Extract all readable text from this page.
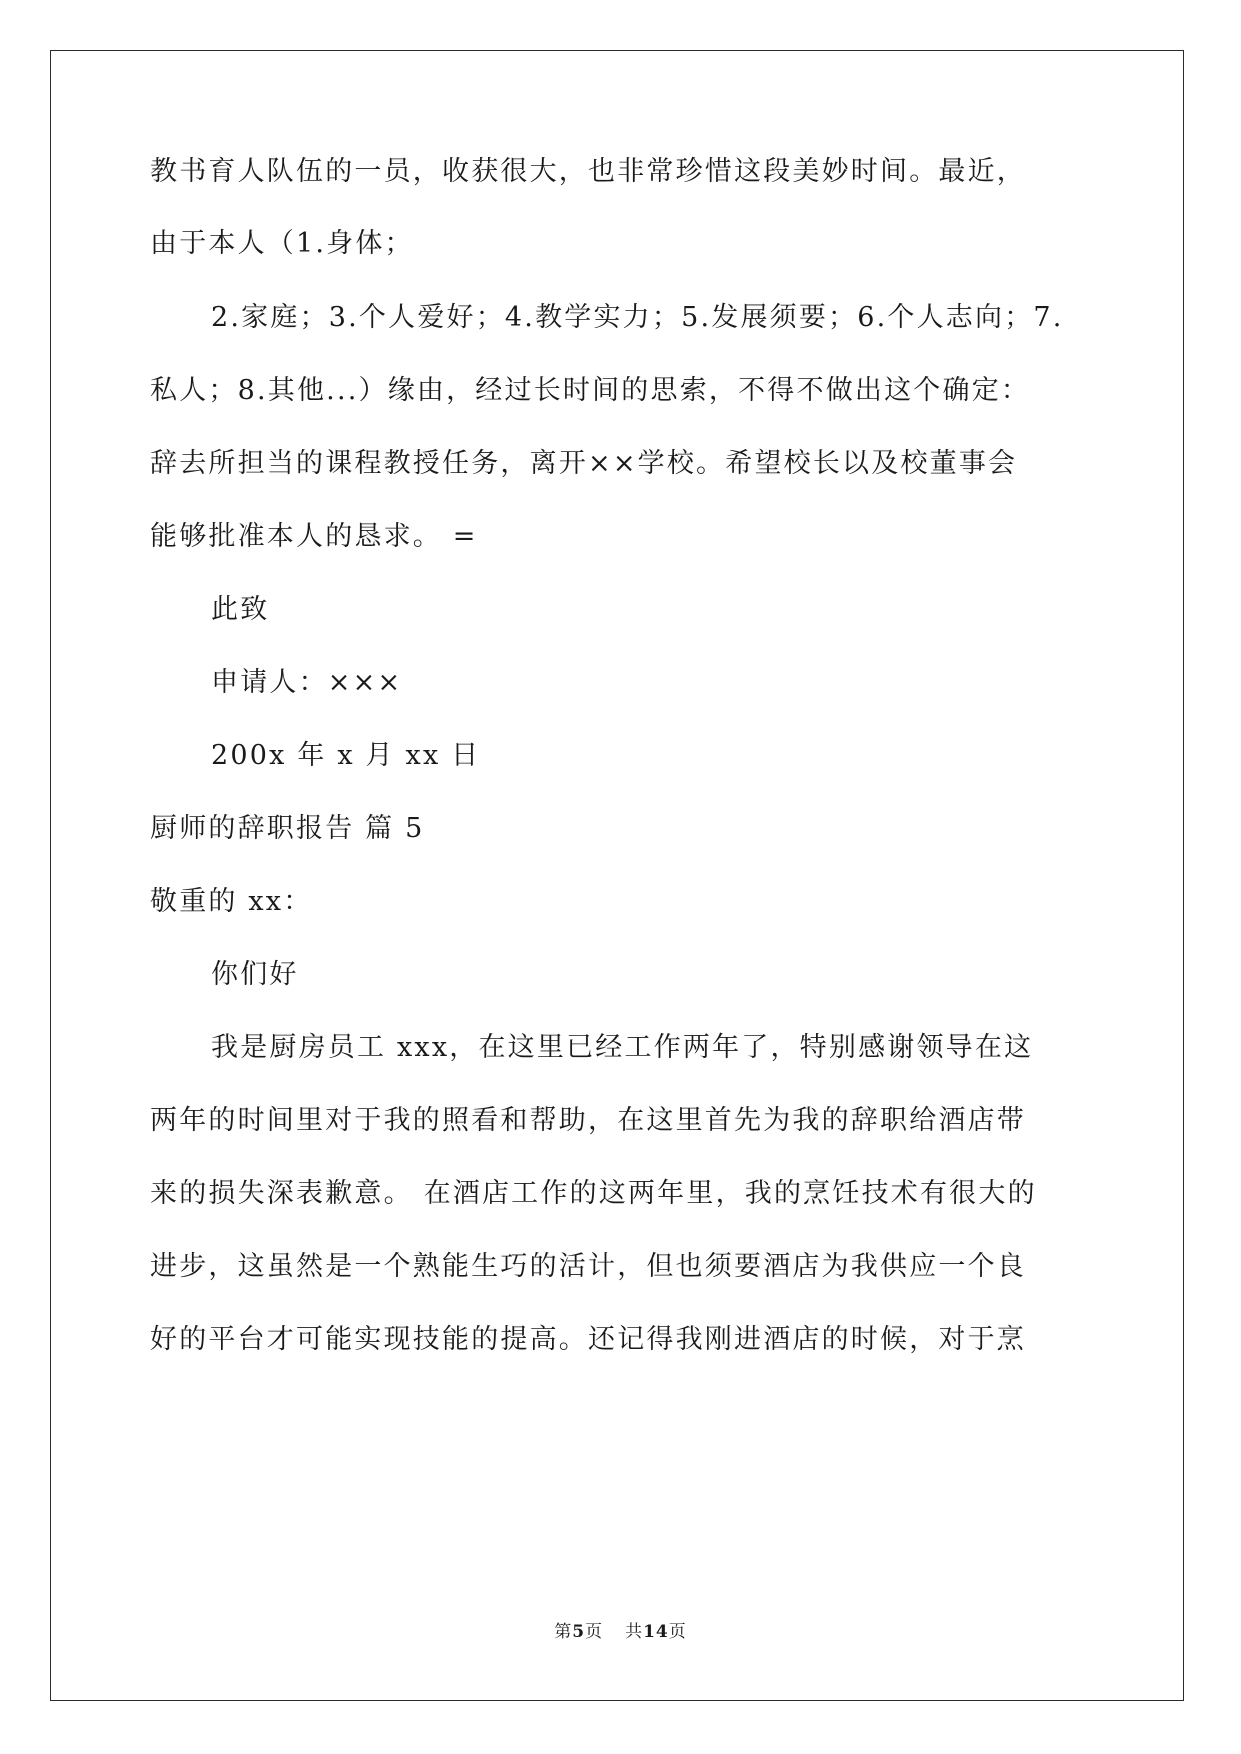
教书育人队伍的一员，收获很大，也非常珍惜这段美妙时间。最近，
由于本人（1.身体；
2.家庭；3.个人爱好；4.教学实力；5.发展须要；6.个人志向；7.
私人；8.其他...）缘由，经过长时间的思索，不得不做出这个确定：
辞去所担当的课程教授任务，离开××学校。希望校长以及校董事会
能够批准本人的恳求。 =
此致
申请人：×××
200x 年 x 月 xx 日
厨师的辞职报告 篇 5
敬重的 xx：
你们好
我是厨房员工 xxx，在这里已经工作两年了，特别感谢领导在这
两年的时间里对于我的照看和帮助，在这里首先为我的辞职给酒店带
来的损失深表歉意。 在酒店工作的这两年里，我的烹饪技术有很大的
进步，这虽然是一个熟能生巧的活计，但也须要酒店为我供应一个良
好的平台才可能实现技能的提高。还记得我刚进酒店的时候，对于烹
第5页 共14页
